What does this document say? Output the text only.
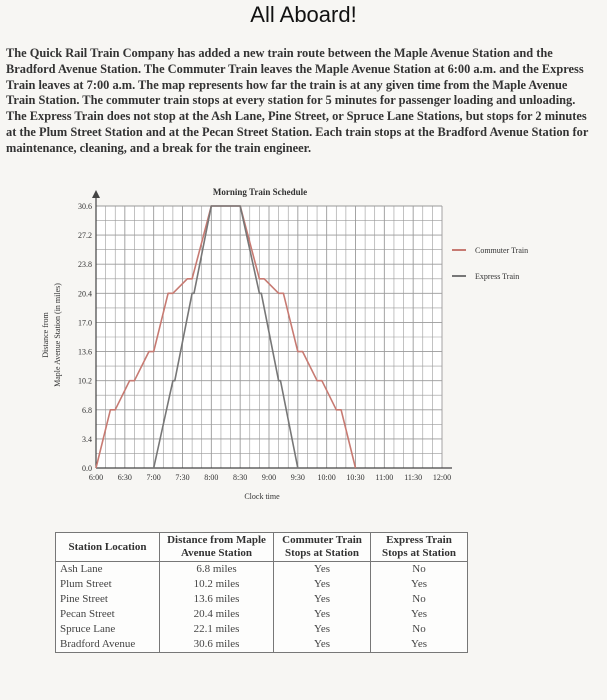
All Aboard!
The Quick Rail Train Company has added a new train route between the Maple Avenue Station and the Bradford Avenue Station. The Commuter Train leaves the Maple Avenue Station at 6:00 a.m. and the Express Train leaves at 7:00 a.m. The map represents how far the train is at any given time from the Maple Avenue Train Station. The commuter train stops at every station for 5 minutes for passenger loading and unloading. The Express Train does not stop at the Ash Lane, Pine Street, or Spruce Lane Stations, but stops for 2 minutes at the Plum Street Station and at the Pecan Street Station. Each train stops at the Bradford Avenue Station for maintenance, cleaning, and a break for the train engineer.
0.0
3.4
6.8
10.2
13.6
17.0
20.4
23.8
27.2
30.6
6:00 6:30 7:00 7:30 8:00 8:30 9:00 9:30 10:00 10:30 11:00 11:30 12:00
Morning Train Schedule
Clock time
Distance from Maple Avenue Station (in miles)
Commuter Train
Express Train
Station Location	Distance from Maple Avenue Station	Commuter Train Stops at Station	Express Train Stops at Station
Ash Lane	6.8 miles	Yes	No
Plum Street	10.2 miles	Yes	Yes
Pine Street	13.6 miles	Yes	No
Pecan Street	20.4 miles	Yes	Yes
Spruce Lane	22.1 miles	Yes	No
Bradford Avenue	30.6 miles	Yes	Yes
